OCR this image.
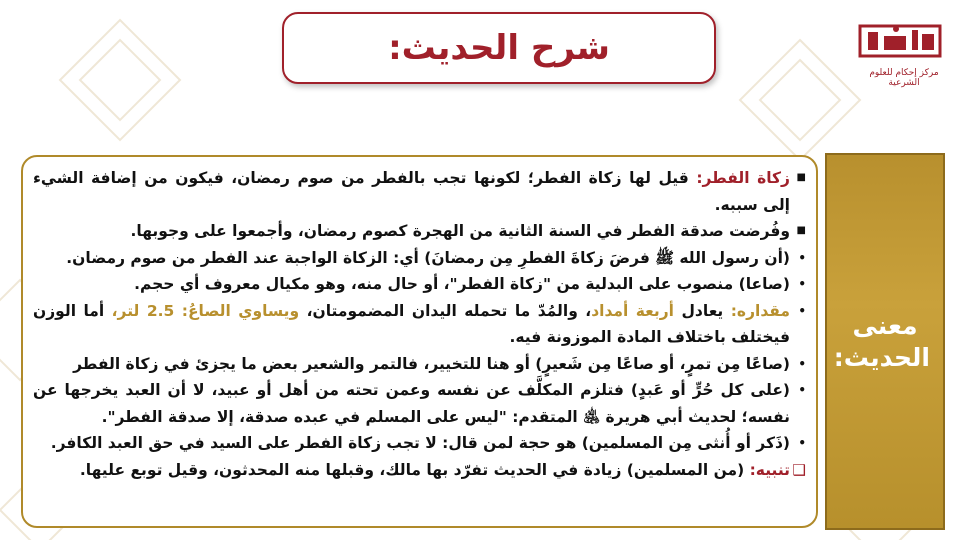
شرح الحديث:
مركز إحكام للعلوم الشرعية
معنى الحديث:
■
زكاة الفطر: قيل لها زكاة الفطر؛ لكونها تجب بالفطر من صوم رمضان، فيكون من إضافة الشيء إلى سببه.
■
وفُرضت صدقة الفطر في السنة الثانية من الهجرة كصوم رمضان، وأجمعوا على وجوبها.
•
(أن رسول الله ﷺ فرضَ زكاةَ الفطرِ مِن رمضانَ) أي: الزكاة الواجبة عند الفطر من صوم رمضان.
•
(صاعا) منصوب على البدلية من "زكاة الفطر"، أو حال منه، وهو مكيال معروف أي حجم.
•
مقداره: يعادل أربعة أمداد، والمُدّ ما تحمله اليدان المضمومتان، ويساوي الصاعُ: 2.5 لتر، أما الوزن فيختلف باختلاف المادة الموزونة فيه.
•
(صاعًا مِن تمرٍ، أو صاعًا مِن شَعيرٍ) أو هنا للتخيير، فالتمر والشعير بعض ما يجزئ في زكاة الفطر
•
(على كل حُرٍّ أو عَبدٍ) فتلزم المكلَّف عن نفسه وعمن تحته من أهل أو عبيد، لا أن العبد يخرجها عن نفسه؛ لحديث أبي هريرة ﵁ المتقدم: "ليس على المسلم في عبده صدقة، إلا صدقة الفطر".
•
(ذَكر أو أُنثى مِن المسلمين) هو حجة لمن قال: لا تجب زكاة الفطر على السيد في حق العبد الكافر.
❑
تنبيه: (من المسلمين) زيادة في الحديث تفرّد بها مالك، وقبلها منه المحدثون، وقيل توبع عليها.
